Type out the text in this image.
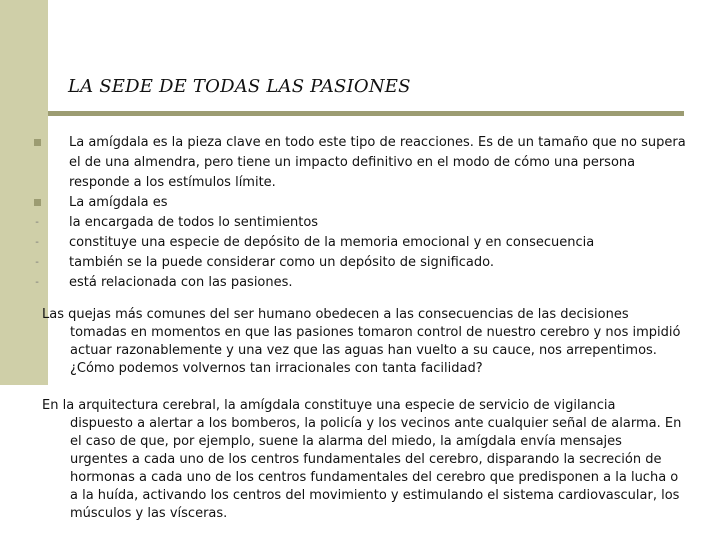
LA SEDE DE TODAS LAS PASIONES
La amígdala es la pieza clave en todo este tipo de reacciones. Es de un tamaño que no supera el de una almendra, pero tiene un impacto definitivo en el modo de cómo una persona responde a los estímulos límite.
La amígdala es
-	la encargada de todos lo sentimientos
-	constituye una especie de depósito de la memoria emocional y en consecuencia
-	también se la puede considerar como un depósito de significado.
-	está relacionada con las pasiones.

Las quejas más comunes del ser humano obedecen a las consecuencias de las decisiones tomadas en momentos en que las pasiones tomaron control de nuestro cerebro y nos impidió actuar razonablemente y una vez que las aguas han vuelto a su cauce, nos arrepentimos. ¿Cómo podemos volvernos tan irracionales con tanta facilidad?

En la arquitectura cerebral, la amígdala constituye una especie de servicio de vigilancia dispuesto a alertar a los bomberos, la policía y los vecinos ante cualquier señal de alarma. En el caso de que, por ejemplo, suene la alarma del miedo, la amígdala envía mensajes urgentes a cada uno de los centros fundamentales del cerebro, disparando la secreción de hormonas a cada uno de los centros fundamentales del cerebro que predisponen a la lucha o a la huída, activando los centros del movimiento y estimulando el sistema cardiovascular, los músculos y las vísceras.
